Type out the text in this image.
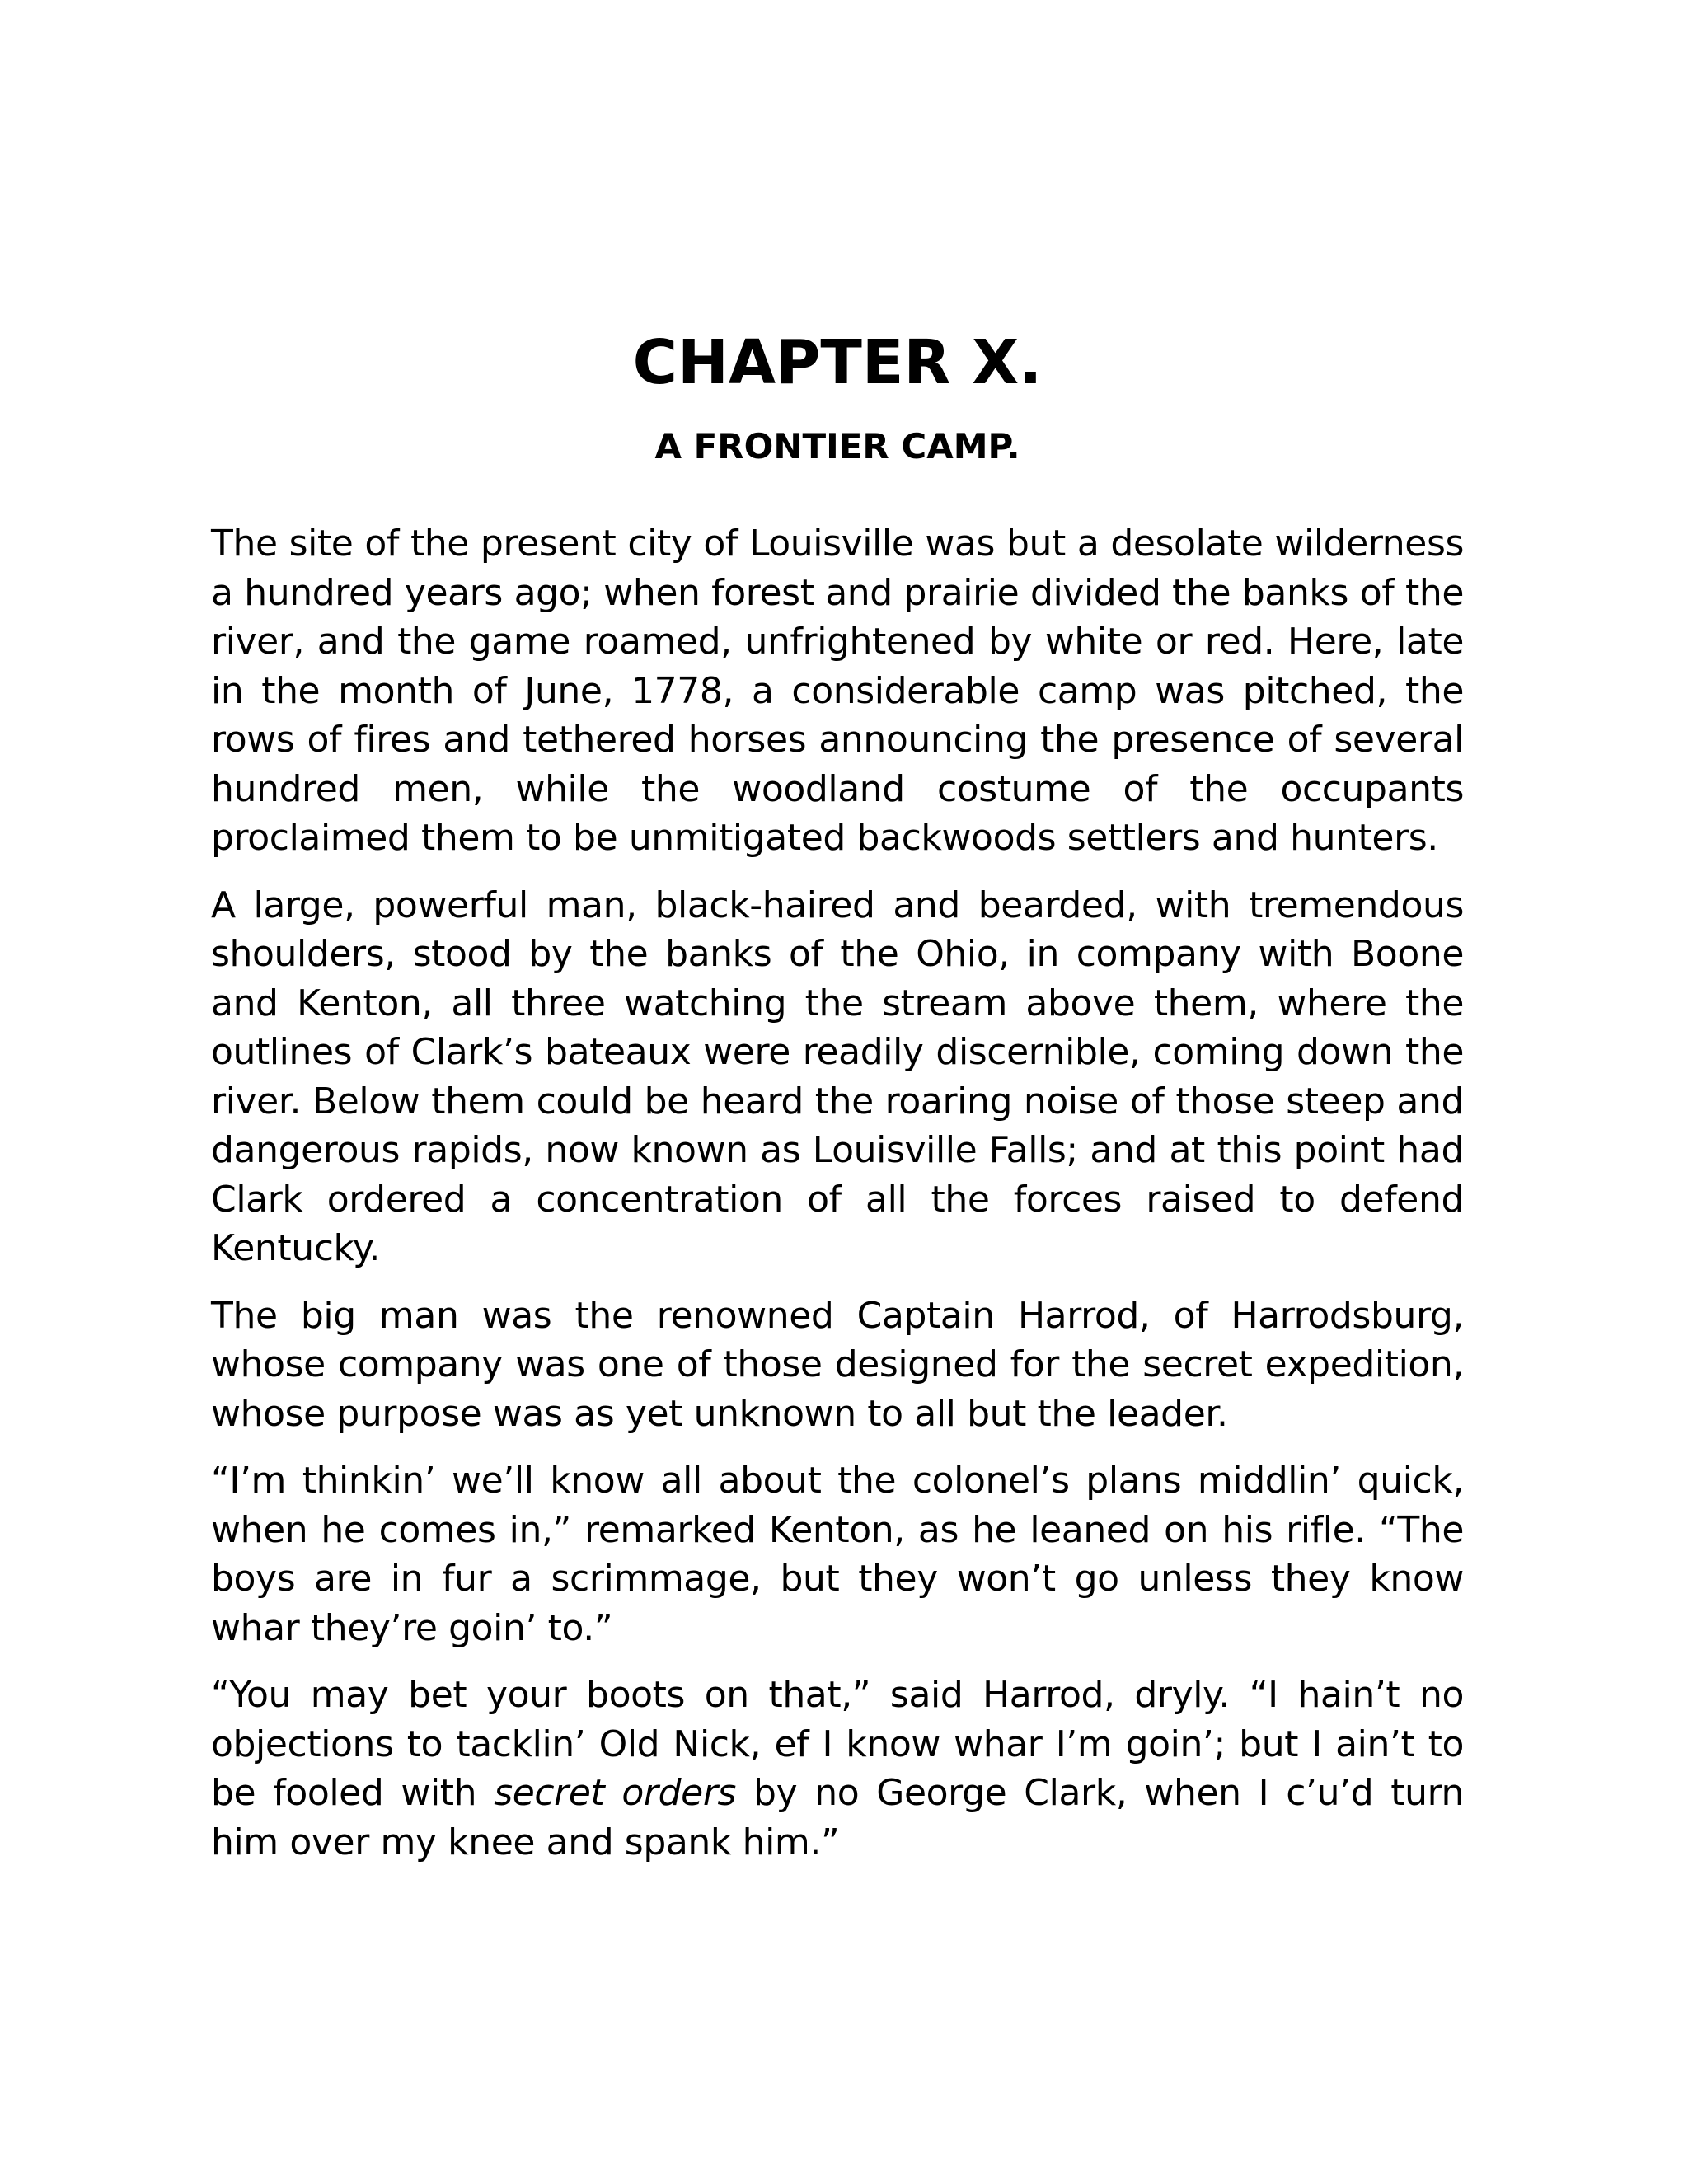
CHAPTER X.
A FRONTIER CAMP.

The site of the present city of Louisville was but a desolate wilderness a hundred years ago; when forest and prairie divided the banks of the river, and the game roamed, unfrightened by white or red. Here, late in the month of June, 1778, a considerable camp was pitched, the rows of fires and tethered horses announcing the presence of several hundred men, while the woodland costume of the occupants proclaimed them to be unmitigated backwoods settlers and hunters.

A large, powerful man, black-haired and bearded, with tremendous shoulders, stood by the banks of the Ohio, in company with Boone and Kenton, all three watching the stream above them, where the outlines of Clark’s bateaux were readily discernible, coming down the river. Below them could be heard the roaring noise of those steep and dangerous rapids, now known as Louisville Falls; and at this point had Clark ordered a concentration of all the forces raised to defend Kentucky.

The big man was the renowned Captain Harrod, of Harrodsburg, whose company was one of those designed for the secret expedition, whose purpose was as yet unknown to all but the leader.

“I’m thinkin’ we’ll know all about the colonel’s plans middlin’ quick, when he comes in,” remarked Kenton, as he leaned on his rifle. “The boys are in fur a scrimmage, but they won’t go unless they know whar they’re goin’ to.”

“You may bet your boots on that,” said Harrod, dryly. “I hain’t no objections to tacklin’ Old Nick, ef I know whar I’m goin’; but I ain’t to be fooled with secret orders by no George Clark, when I c’u’d turn him over my knee and spank him.”
